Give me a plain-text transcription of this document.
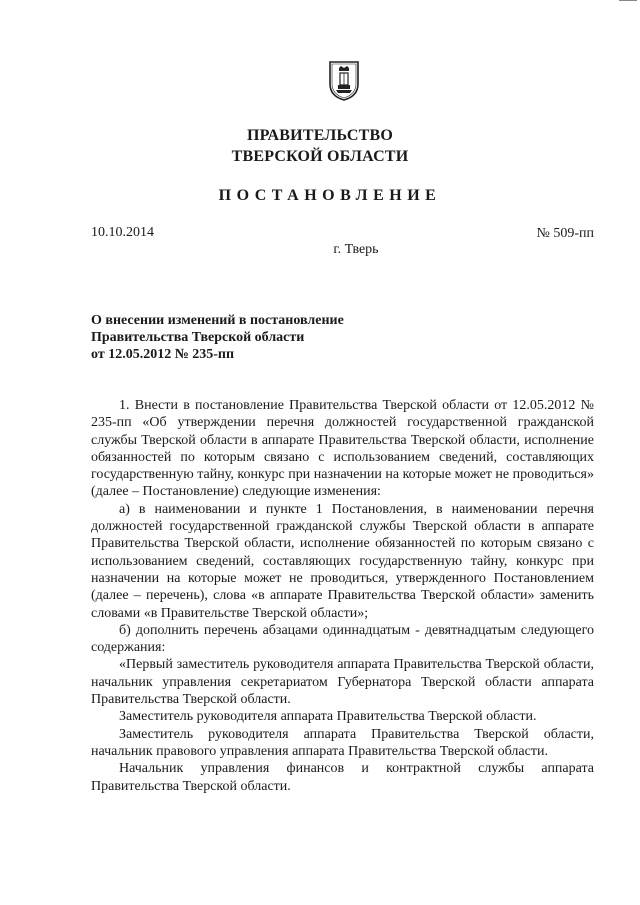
ПРАВИТЕЛЬСТВО
ТВЕРСКОЙ ОБЛАСТИ
ПОСТАНОВЛЕНИЕ
10.10.2014	№ 509-пп
г. Тверь
О внесении изменений в постановление
Правительства Тверской области
от 12.05.2012 № 235-пп

1. Внести в постановление Правительства Тверской области от 12.05.2012 № 235-пп «Об утверждении перечня должностей государственной гражданской службы Тверской области в аппарате Правительства Тверской области, исполнение обязанностей по которым связано с использованием сведений, составляющих государственную тайну, конкурс при назначении на которые может не проводиться» (далее – Постановление) следующие изменения:

а) в наименовании и пункте 1 Постановления, в наименовании перечня должностей государственной гражданской службы Тверской области в аппарате Правительства Тверской области, исполнение обязанностей по которым связано с использованием сведений, составляющих государственную тайну, конкурс при назначении на которые может не проводиться, утвержденного Постановлением (далее – перечень), слова «в аппарате Правительства Тверской области» заменить словами «в Правительстве Тверской области»;

б) дополнить перечень абзацами одиннадцатым - девятнадцатым следующего содержания:

«Первый заместитель руководителя аппарата Правительства Тверской области, начальник управления секретариатом Губернатора Тверской области аппарата Правительства Тверской области.

Заместитель руководителя аппарата Правительства Тверской области.

Заместитель руководителя аппарата Правительства Тверской области, начальник правового управления аппарата Правительства Тверской области.

Начальник управления финансов и контрактной службы аппарата Правительства Тверской области.
